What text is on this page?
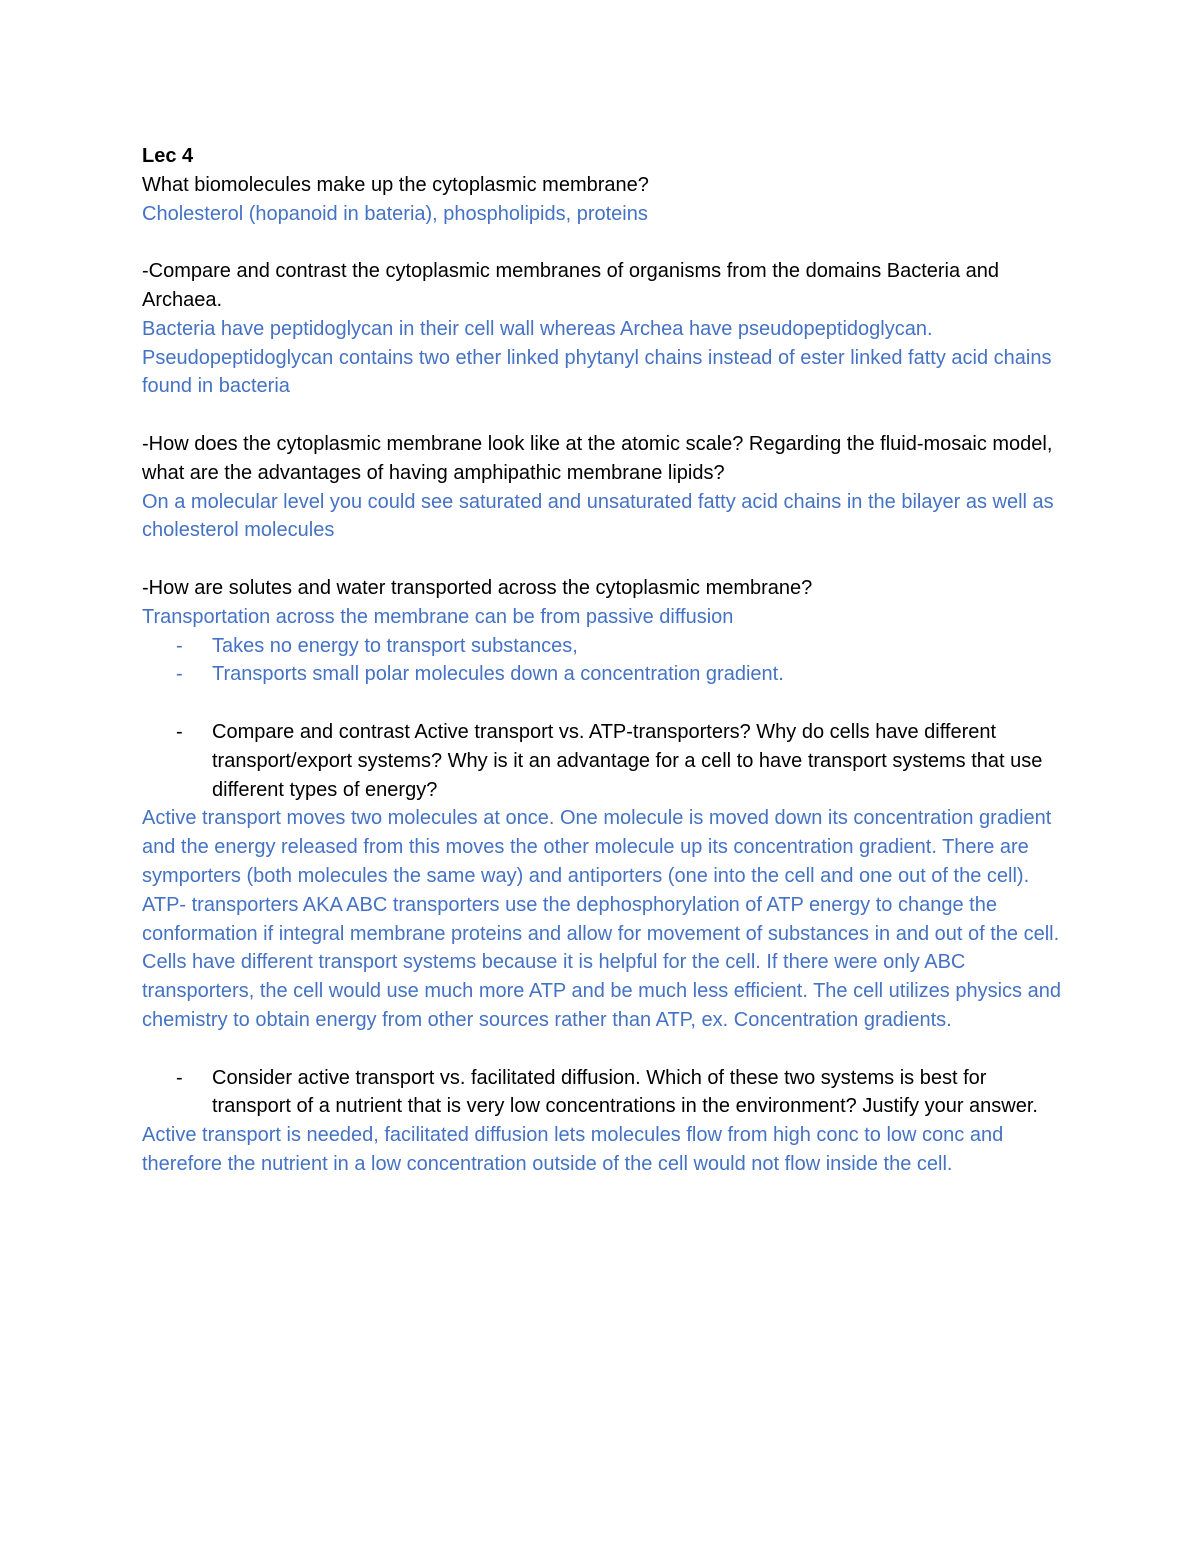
Lec 4

What biomolecules make up the cytoplasmic membrane?

Cholesterol (hopanoid in bateria), phospholipids, proteins

-Compare and contrast the cytoplasmic membranes of organisms from the domains Bacteria and Archaea.

Bacteria have peptidoglycan in their cell wall whereas Archea have pseudopeptidoglycan.

Pseudopeptidoglycan contains two ether linked phytanyl chains instead of ester linked fatty acid chains found in bacteria

-How does the cytoplasmic membrane look like at the atomic scale? Regarding the fluid-mosaic model, what are the advantages of having amphipathic membrane lipids?

On a molecular level you could see saturated and unsaturated fatty acid chains in the bilayer as well as cholesterol molecules

-How are solutes and water transported across the cytoplasmic membrane?

Transportation across the membrane can be from passive diffusion

- Takes no energy to transport substances,
- Transports small polar molecules down a concentration gradient.
- Compare and contrast Active transport vs. ATP-transporters? Why do cells have different transport/export systems? Why is it an advantage for a cell to have transport systems that use different types of energy?

Active transport moves two molecules at once. One molecule is moved down its concentration gradient and the energy released from this moves the other molecule up its concentration gradient. There are symporters (both molecules the same way) and antiporters (one into the cell and one out of the cell).

ATP- transporters AKA ABC transporters use the dephosphorylation of ATP energy to change the conformation if integral membrane proteins and allow for movement of substances in and out of the cell.

Cells have different transport systems because it is helpful for the cell. If there were only ABC transporters, the cell would use much more ATP and be much less efficient. The cell utilizes physics and chemistry to obtain energy from other sources rather than ATP, ex. Concentration gradients.

- Consider active transport vs. facilitated diffusion. Which of these two systems is best for transport of a nutrient that is very low concentrations in the environment? Justify your answer.

Active transport is needed, facilitated diffusion lets molecules flow from high conc to low conc and therefore the nutrient in a low concentration outside of the cell would not flow inside the cell.
